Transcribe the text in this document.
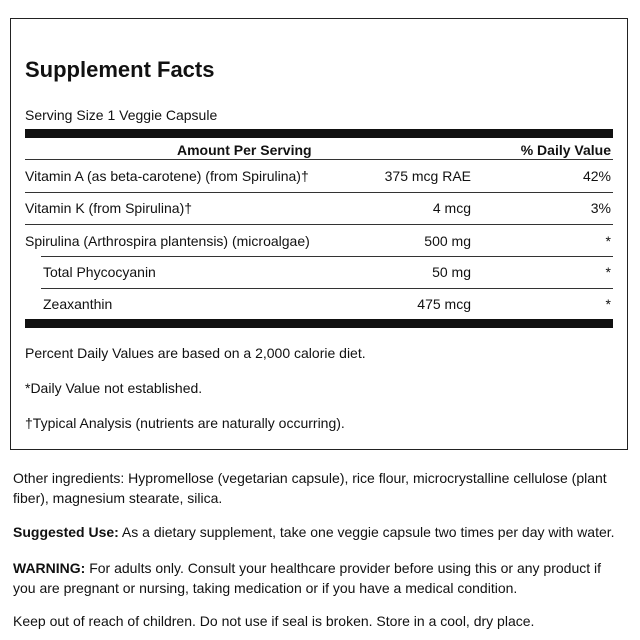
Supplement Facts
Serving Size 1 Veggie Capsule
Amount Per Serving	% Daily Value
Vitamin A (as beta-carotene) (from Spirulina)†	375 mcg RAE	42%
Vitamin K (from Spirulina)†	4 mcg	3%
Spirulina (Arthrospira plantensis) (microalgae)	500 mg	*
Total Phycocyanin	50 mg	*
Zeaxanthin	475 mcg	*
Percent Daily Values are based on a 2,000 calorie diet.
*Daily Value not established.
†Typical Analysis (nutrients are naturally occurring).
Other ingredients: Hypromellose (vegetarian capsule), rice flour, microcrystalline cellulose (plant fiber), magnesium stearate, silica.
Suggested Use: As a dietary supplement, take one veggie capsule two times per day with water.
WARNING: For adults only. Consult your healthcare provider before using this or any product if you are pregnant or nursing, taking medication or if you have a medical condition.
Keep out of reach of children. Do not use if seal is broken. Store in a cool, dry place.
